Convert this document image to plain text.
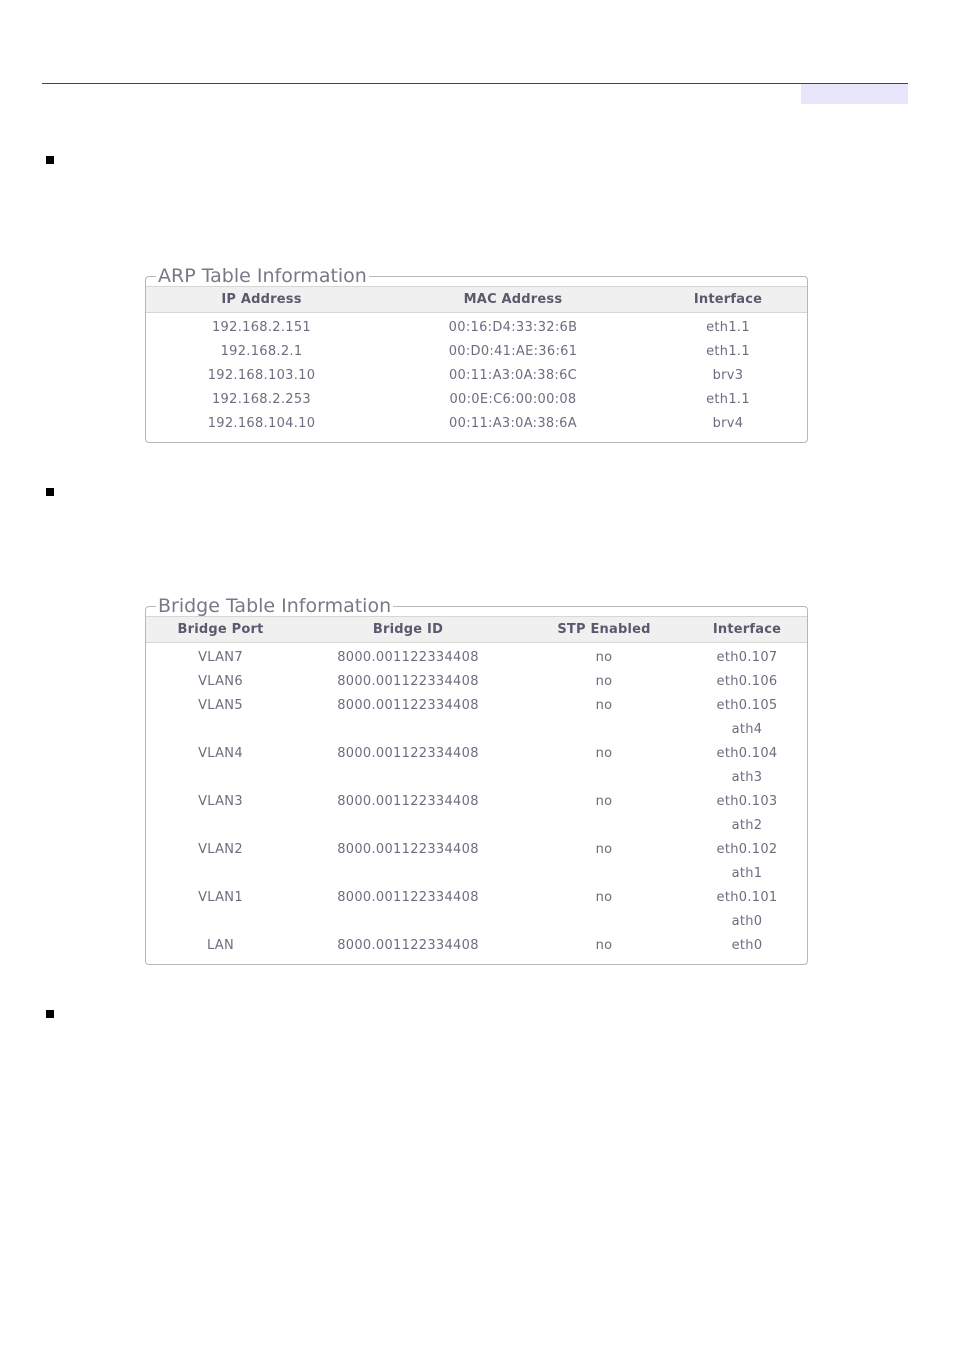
ARP Table Information
IP Address	MAC Address	Interface
192.168.2.151	00:16:D4:33:32:6B	eth1.1
192.168.2.1	00:D0:41:AE:36:61	eth1.1
192.168.103.10	00:11:A3:0A:38:6C	brv3
192.168.2.253	00:0E:C6:00:00:08	eth1.1
192.168.104.10	00:11:A3:0A:38:6A	brv4
Bridge Table Information
Bridge Port	Bridge ID	STP Enabled	Interface
VLAN7	8000.001122334408	no	eth0.107
VLAN6	8000.001122334408	no	eth0.106
VLAN5	8000.001122334408	no	eth0.105
			ath4
VLAN4	8000.001122334408	no	eth0.104
			ath3
VLAN3	8000.001122334408	no	eth0.103
			ath2
VLAN2	8000.001122334408	no	eth0.102
			ath1
VLAN1	8000.001122334408	no	eth0.101
			ath0
LAN	8000.001122334408	no	eth0
